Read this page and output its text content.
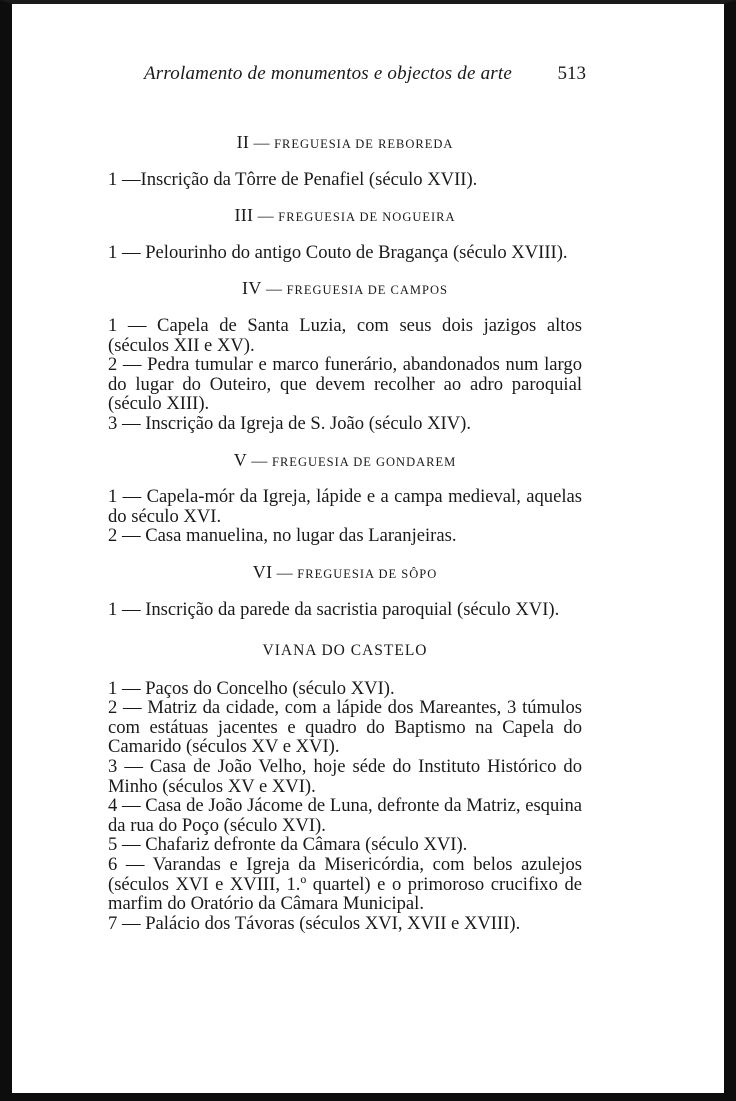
Arrolamento de monumentos e objectos de arte 513
II — FREGUESIA DE REBOREDA
1 —Inscrição da Tôrre de Penafiel (século XVII).
III — FREGUESIA DE NOGUEIRA
1 — Pelourinho do antigo Couto de Bragança (século XVIII).
IV — FREGUESIA DE CAMPOS
1 — Capela de Santa Luzia, com seus dois jazigos altos (séculos XII e XV).
2 — Pedra tumular e marco funerário, abandonados num largo do lugar do Outeiro, que devem recolher ao adro paroquial (século XIII).
3 — Inscrição da Igreja de S. João (século XIV).
V — FREGUESIA DE GONDAREM
1 — Capela-mór da Igreja, lápide e a campa medieval, aquelas do século XVI.
2 — Casa manuelina, no lugar das Laranjeiras.
VI — FREGUESIA DE SÔPO
1 — Inscrição da parede da sacristia paroquial (século XVI).
VIANA DO CASTELO
1 — Paços do Concelho (século XVI).
2 — Matriz da cidade, com a lápide dos Mareantes, 3 túmulos com estátuas jacentes e quadro do Baptismo na Capela do Camarido (séculos XV e XVI).
3 — Casa de João Velho, hoje séde do Instituto Histórico do Minho (séculos XV e XVI).
4 — Casa de João Jácome de Luna, defronte da Matriz, esquina da rua do Poço (século XVI).
5 — Chafariz defronte da Câmara (século XVI).
6 — Varandas e Igreja da Misericórdia, com belos azulejos (séculos XVI e XVIII, 1.º quartel) e o primoroso crucifixo de marfim do Oratório da Câmara Municipal.
7 — Palácio dos Távoras (séculos XVI, XVII e XVIII).
